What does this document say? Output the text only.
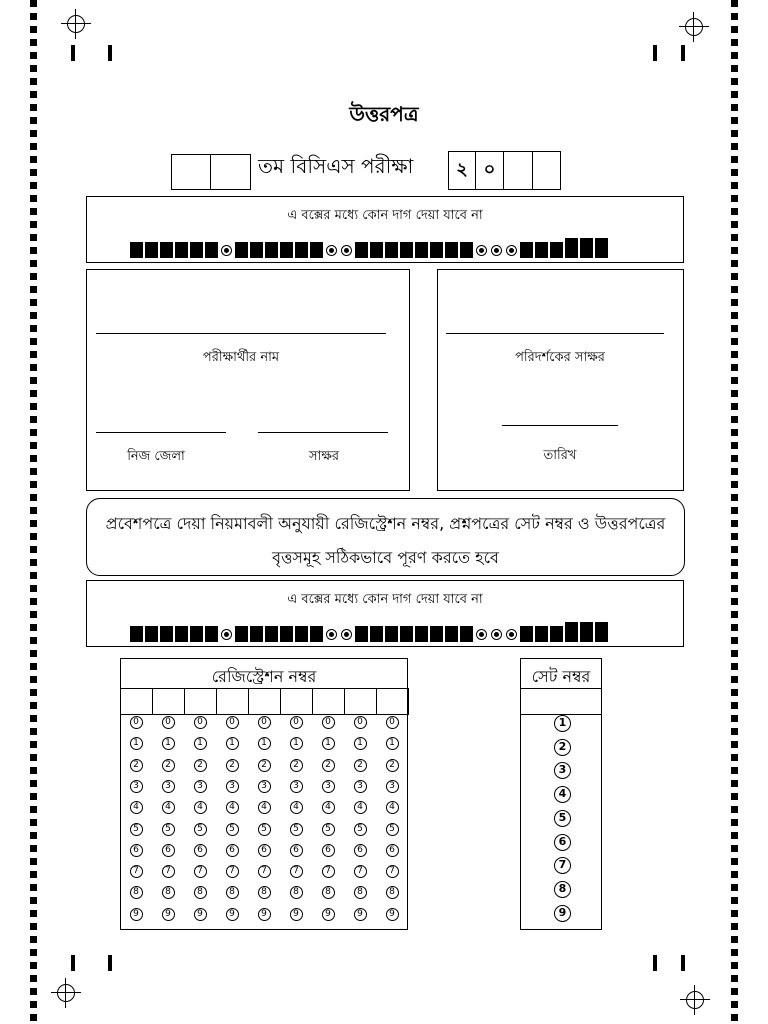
উত্তরপত্র
তম বিসিএস পরীক্ষা	২ ০
এ বক্সের মধ্যে কোন দাগ দেয়া যাবে না
পরীক্ষার্থীর নাম
নিজ জেলা	সাক্ষর
পরিদর্শকের সাক্ষর
তারিখ
প্রবেশপত্রে দেয়া নিয়মাবলী অনুযায়ী রেজিস্ট্রেশন নম্বর, প্রশ্নপত্রের সেট নম্বর ও উত্তরপত্রের
বৃত্তসমূহ সঠিকভাবে পূরণ করতে হবে
এ বক্সের মধ্যে কোন দাগ দেয়া যাবে না
রেজিস্ট্রেশন নম্বর
0	0	0	0	0	0	0	0	0
1	1	1	1	1	1	1	1	1
2	2	2	2	2	2	2	2	2
3	3	3	3	3	3	3	3	3
4	4	4	4	4	4	4	4	4
5	5	5	5	5	5	5	5	5
6	6	6	6	6	6	6	6	6
7	7	7	7	7	7	7	7	7
8	8	8	8	8	8	8	8	8
9	9	9	9	9	9	9	9	9
সেট নম্বর
1
2
3
4
5
6
7
8
9
